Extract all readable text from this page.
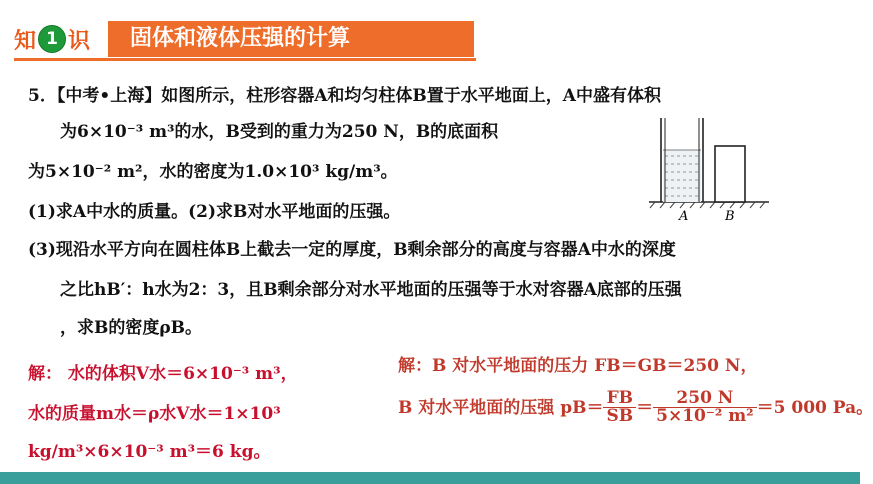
知 1 识	固体和液体压强的计算
5．【中考•上海】如图所示，柱形容器A和均匀柱体B置于水平地面上，A中盛有体积
为6×10⁻³ m³的水，B受到的重力为250 N，B的底面积
为5×10⁻² m²，水的密度为1.0×10³ kg/m³。
(1)求A中水的质量。(2)求B对水平地面的压强。
(3)现沿水平方向在圆柱体B上截去一定的厚度，B剩余部分的高度与容器A中水的深度
之比hB′：h水为2：3，且B剩余部分对水平地面的压强等于水对容器A底部的压强
，求B的密度ρB。
A	B
解： 水的体积V水＝6×10⁻³ m³，
水的质量m水＝ρ水V水＝1×10³
kg/m³×6×10⁻³ m³＝6 kg。
解：B 对水平地面的压力 FB＝GB＝250 N，
B 对水平地面的压强 $pB= \frac{FB}{SB} = \frac{250 N}{\text{5×10⁻² m²}} =5$ 000 Pa。
